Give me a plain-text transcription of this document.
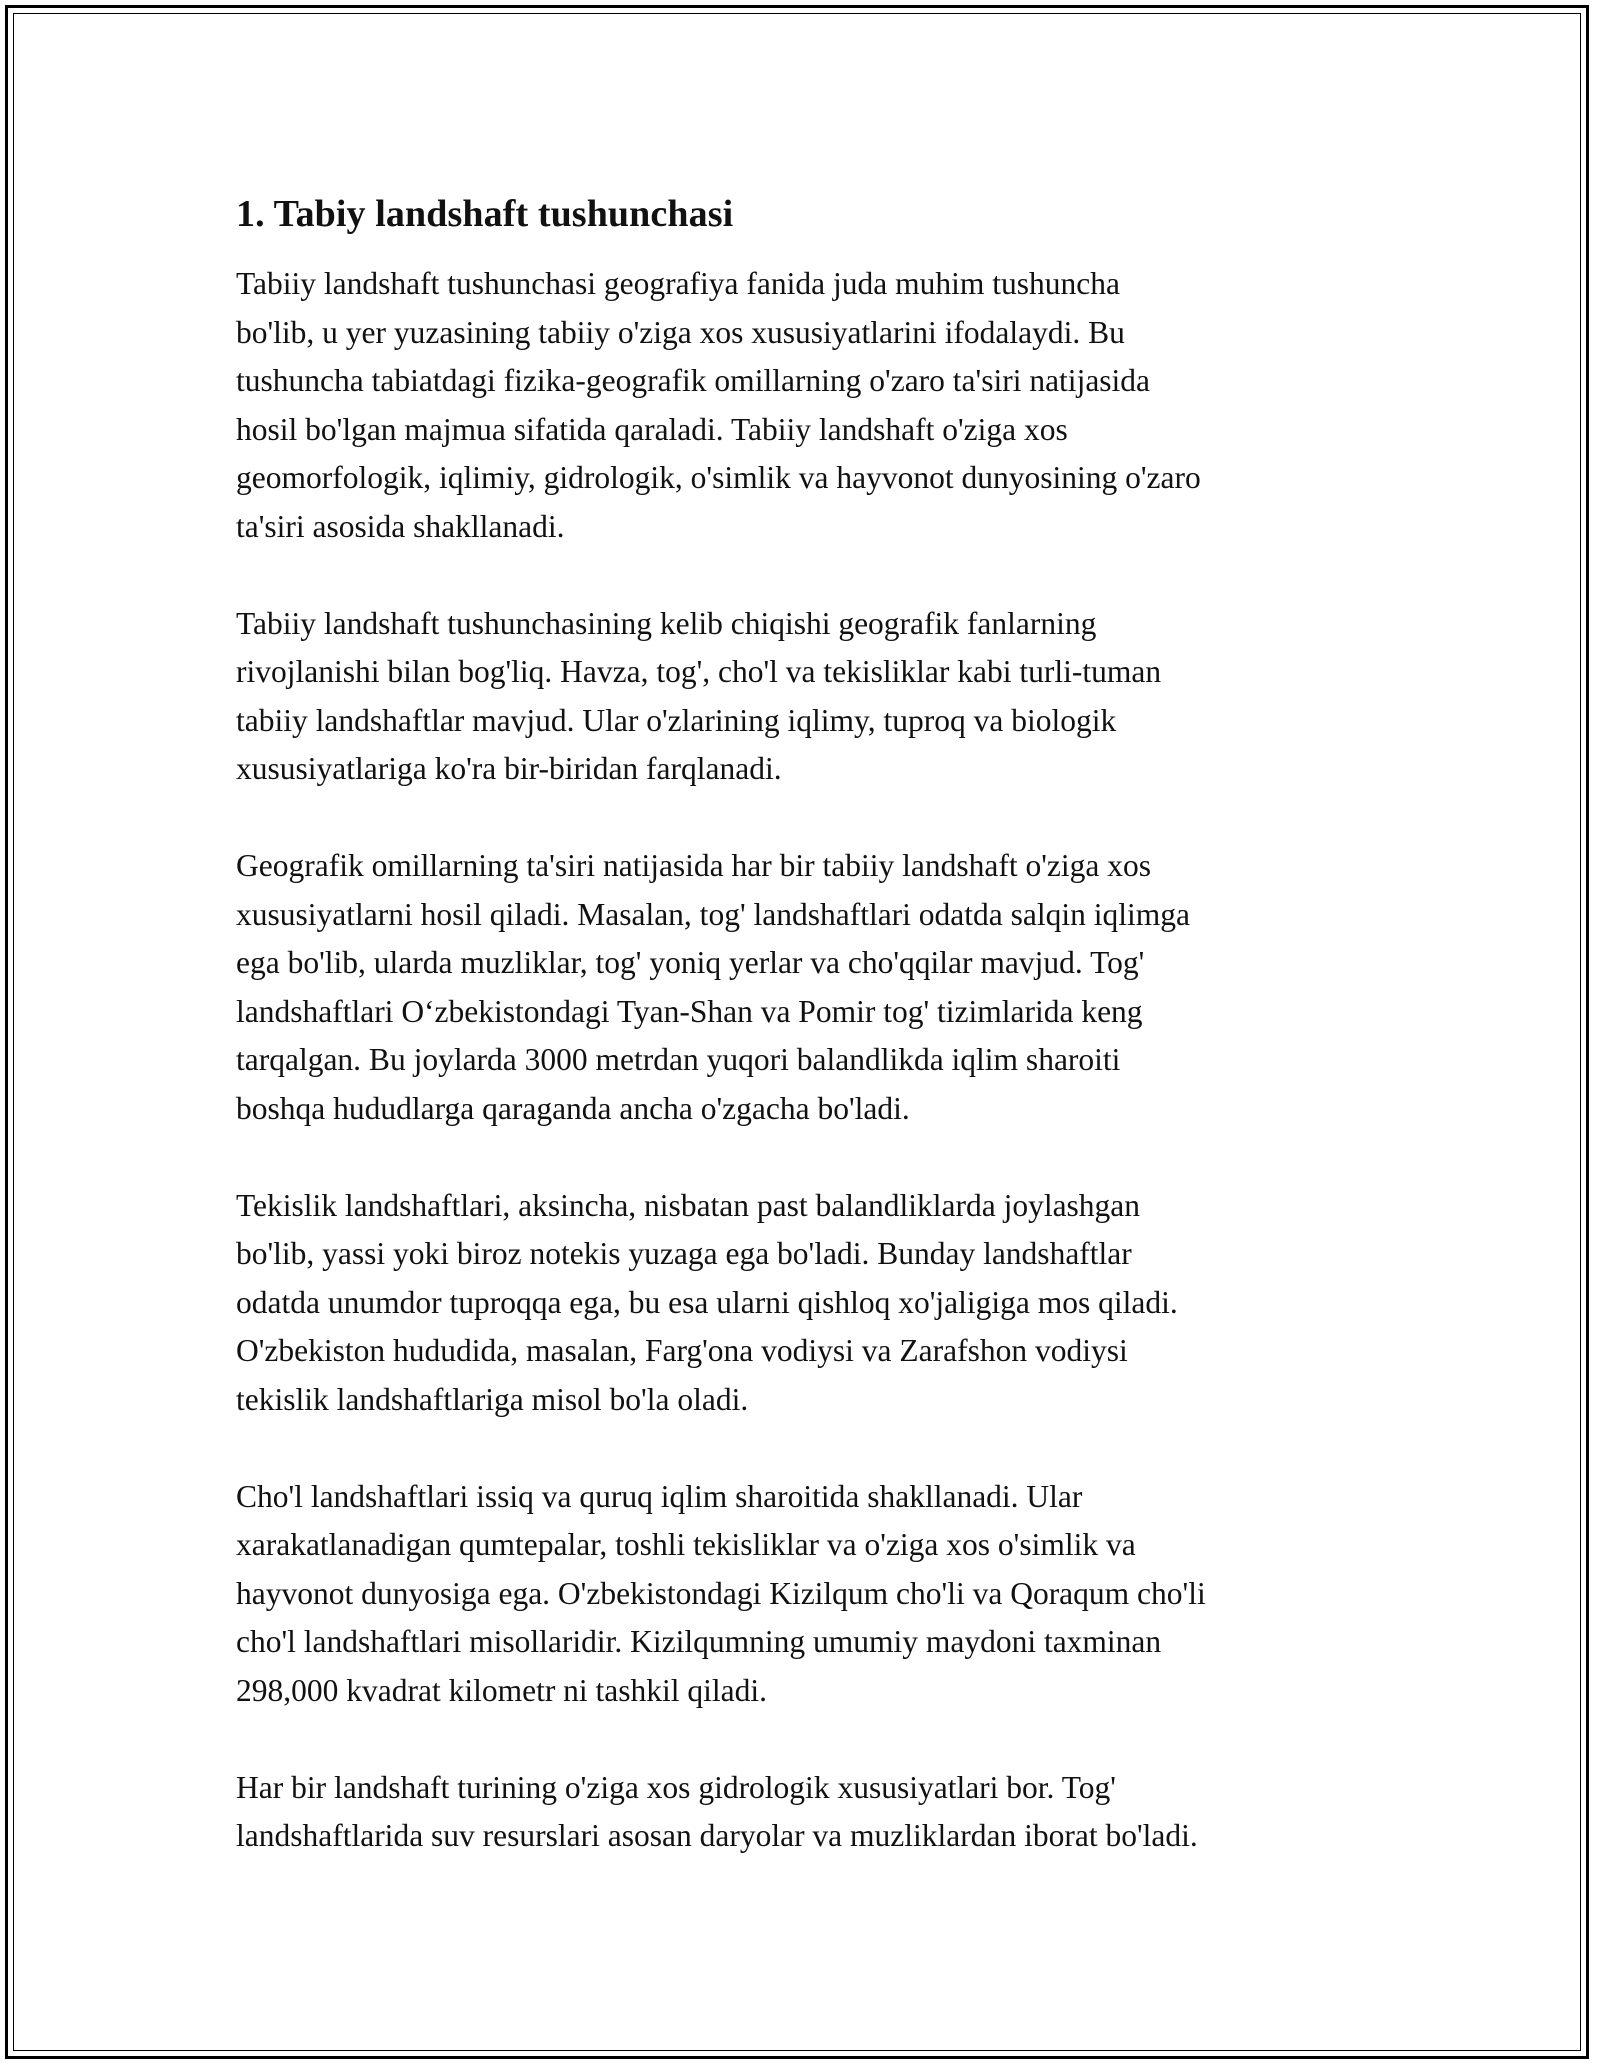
1. Tabiy landshaft tushunchasi
Tabiiy landshaft tushunchasi geografiya fanida juda muhim tushuncha
bo'lib, u yer yuzasining tabiiy o'ziga xos xususiyatlarini ifodalaydi. Bu
tushuncha tabiatdagi fizika-geografik omillarning o'zaro ta'siri natijasida
hosil bo'lgan majmua sifatida qaraladi. Tabiiy landshaft o'ziga xos
geomorfologik, iqlimiy, gidrologik, o'simlik va hayvonot dunyosining o'zaro
ta'siri asosida shakllanadi.
Tabiiy landshaft tushunchasining kelib chiqishi geografik fanlarning
rivojlanishi bilan bog'liq. Havza, tog', cho'l va tekisliklar kabi turli-tuman
tabiiy landshaftlar mavjud. Ular o'zlarining iqlimy, tuproq va biologik
xususiyatlariga ko'ra bir-biridan farqlanadi.
Geografik omillarning ta'siri natijasida har bir tabiiy landshaft o'ziga xos
xususiyatlarni hosil qiladi. Masalan, tog' landshaftlari odatda salqin iqlimga
ega bo'lib, ularda muzliklar, tog' yoniq yerlar va cho'qqilar mavjud. Tog'
landshaftlari O‘zbekistondagi Tyan-Shan va Pomir tog' tizimlarida keng
tarqalgan. Bu joylarda 3000 metrdan yuqori balandlikda iqlim sharoiti
boshqa hududlarga qaraganda ancha o'zgacha bo'ladi.
Tekislik landshaftlari, aksincha, nisbatan past balandliklarda joylashgan
bo'lib, yassi yoki biroz notekis yuzaga ega bo'ladi. Bunday landshaftlar
odatda unumdor tuproqqa ega, bu esa ularni qishloq xo'jaligiga mos qiladi.
O'zbekiston hududida, masalan, Farg'ona vodiysi va Zarafshon vodiysi
tekislik landshaftlariga misol bo'la oladi.
Cho'l landshaftlari issiq va quruq iqlim sharoitida shakllanadi. Ular
xarakatlanadigan qumtepalar, toshli tekisliklar va o'ziga xos o'simlik va
hayvonot dunyosiga ega. O'zbekistondagi Kizilqum cho'li va Qoraqum cho'li
cho'l landshaftlari misollaridir. Kizilqumning umumiy maydoni taxminan
298,000 kvadrat kilometr ni tashkil qiladi.
Har bir landshaft turining o'ziga xos gidrologik xususiyatlari bor. Tog'
landshaftlarida suv resurslari asosan daryolar va muzliklardan iborat bo'ladi.
